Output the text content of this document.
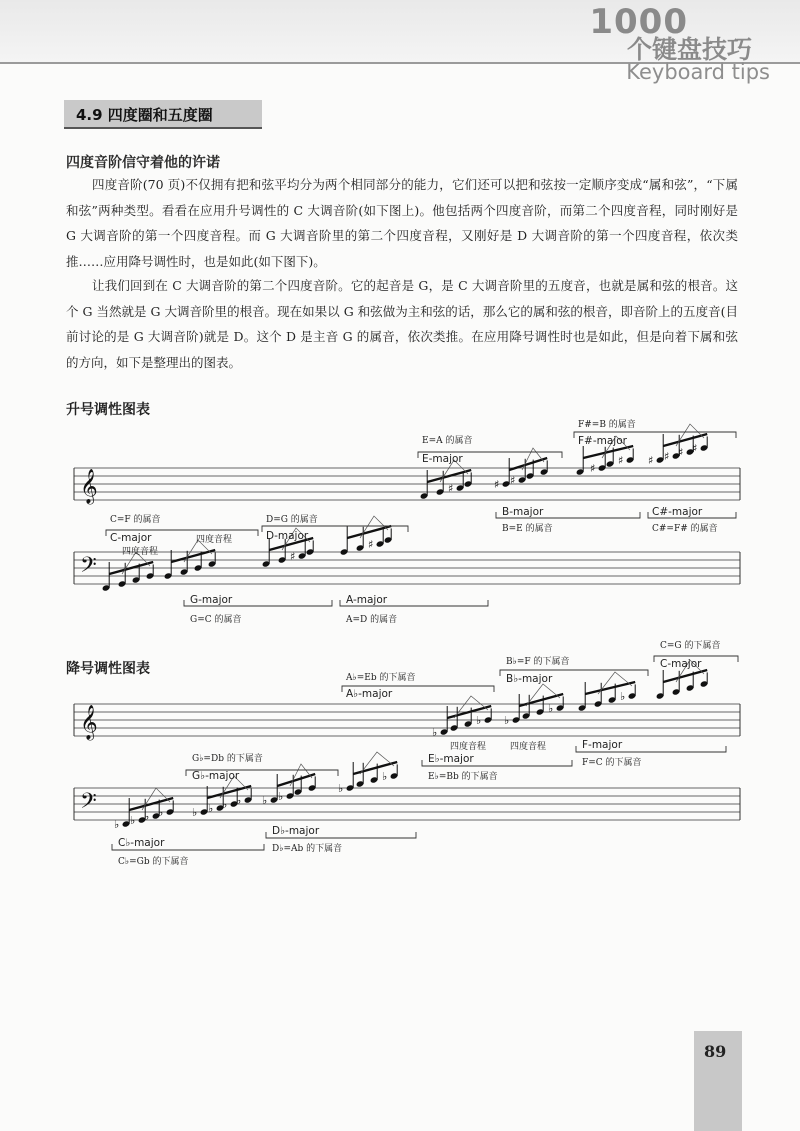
1000
个键盘技巧
Keyboard tips
4.9 四度圈和五度圈
四度音阶信守着他的许诺
四度音阶(70 页)不仅拥有把和弦平均分为两个相同部分的能力，它们还可以把和弦按一定顺序变成“属和弦”，“下属和弦”两种类型。看看在应用升号调性的 C 大调音阶(如下图上)。他包括两个四度音阶，而第二个四度音程，同时刚好是 G 大调音阶的第一个四度音程。而 G 大调音阶里的第二个四度音程，又刚好是 D 大调音阶的第一个四度音程，依次类推……应用降号调性时，也是如此(如下图下)。
让我们回到在 C 大调音阶的第二个四度音阶。它的起音是 G，是 C 大调音阶里的五度音，也就是属和弦的根音。这个 G 当然就是 G 大调音阶里的根音。现在如果以 G 和弦做为主和弦的话，那么它的属和弦的根音，即音阶上的五度音(目前讨论的是 G 大调音阶)就是 D。这个 D 是主音 G 的属音，依次类推。在应用降号调性时也是如此，但是向着下属和弦的方向，如下是整理出的图表。
升号调性图表
𝄞
𝄢	♯
♯
♯	♯ ♯
♯
♯ ♯ ♯ ♯ ♯
C=F 的属音
C-major
四度音程
四度音程
D=G 的属音
D-major
E=A 的属音
E-major
F#=B 的属音
F#-major
G-major
G=C 的属音
A-major
A=D 的属音
B-major
B=E 的属音
C#-major
C#=F# 的属音
𝄞
𝄢
♭ ♭ ♭ ♭	♭ ♭ ♭ ♭ ♭ ♭
♭
♭
♭
♭ ♭
♭
♭
G♭=Db 的下属音
G♭-major
A♭=Eb 的下属音
A♭-major
B♭=F 的下属音
B♭-major
C=G 的下属音
C-major
四度音程	四度音程
C♭-major
C♭=Gb 的下属音
D♭-major
D♭=Ab 的下属音
E♭-major
E♭=Bb 的下属音
F-major
F=C 的下属音
降号调性图表
89
